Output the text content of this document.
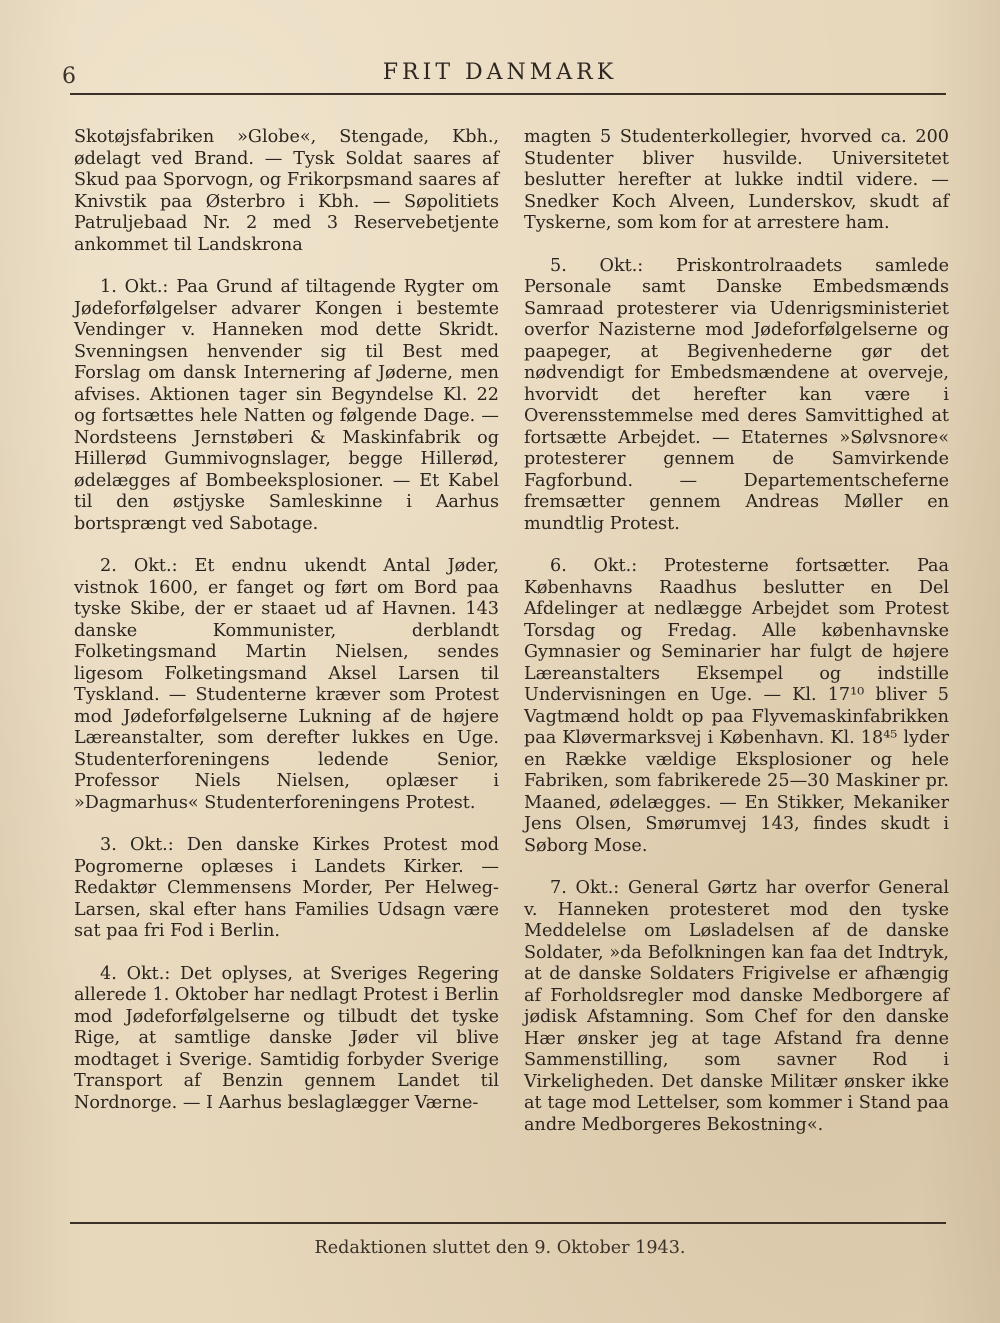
6	FRIT DANMARK

Skotøjsfabriken »Globe«, Stengade, Kbh., ødelagt ved Brand. — Tysk Soldat saares af Skud paa Sporvogn, og Frikorpsmand saares af Knivstik paa Østerbro i Kbh. — Søpolitiets Patruljebaad Nr. 2 med 3 Reservebetjente ankommet til Landskrona

1. Okt.: Paa Grund af tiltagende Rygter om Jødeforfølgelser advarer Kongen i bestemte Vendinger v. Hanneken mod dette Skridt. Svenningsen henvender sig til Best med Forslag om dansk Internering af Jøderne, men afvises. Aktionen tager sin Begyndelse Kl. 22 og fortsættes hele Natten og følgende Dage. — Nordsteens Jernstøberi & Maskinfabrik og Hillerød Gummivognslager, begge Hillerød, ødelægges af Bombeeksplosioner. — Et Kabel til den østjyske Samleskinne i Aarhus bortsprængt ved Sabotage.

2. Okt.: Et endnu ukendt Antal Jøder, vistnok 1600, er fanget og ført om Bord paa tyske Skibe, der er staaet ud af Havnen. 143 danske Kommunister, derblandt Folketingsmand Martin Nielsen, sendes ligesom Folketingsmand Aksel Larsen til Tyskland. — Studenterne kræver som Protest mod Jødeforfølgelserne Lukning af de højere Læreanstalter, som derefter lukkes en Uge. Studenterforeningens ledende Senior, Professor Niels Nielsen, oplæser i »Dagmarhus« Studenterforeningens Protest.

3. Okt.: Den danske Kirkes Protest mod Pogromerne oplæses i Landets Kirker. — Redaktør Clemmensens Morder, Per Helweg-Larsen, skal efter hans Families Udsagn være sat paa fri Fod i Berlin.

4. Okt.: Det oplyses, at Sveriges Regering allerede 1. Oktober har nedlagt Protest i Berlin mod Jødeforfølgelserne og tilbudt det tyske Rige, at samtlige danske Jøder vil blive modtaget i Sverige. Samtidig forbyder Sverige Transport af Benzin gennem Landet til Nordnorge. — I Aarhus beslaglægger Værne-

magten 5 Studenterkollegier, hvorved ca. 200 Studenter bliver husvilde. Universitetet beslutter herefter at lukke indtil videre. — Snedker Koch Alveen, Lunderskov, skudt af Tyskerne, som kom for at arrestere ham.

5. Okt.: Priskontrolraadets samlede Personale samt Danske Embedsmænds Samraad protesterer via Udenrigsministeriet overfor Nazisterne mod Jødeforfølgelserne og paapeger, at Begivenhederne gør det nødvendigt for Embedsmændene at overveje, hvorvidt det herefter kan være i Overensstemmelse med deres Samvittighed at fortsætte Arbejdet. — Etaternes »Sølvsnore« protesterer gennem de Samvirkende Fagforbund. — Departementscheferne fremsætter gennem Andreas Møller en mundtlig Protest.

6. Okt.: Protesterne fortsætter. Paa Københavns Raadhus beslutter en Del Afdelinger at nedlægge Arbejdet som Protest Torsdag og Fredag. Alle københavnske Gymnasier og Seminarier har fulgt de højere Læreanstalters Eksempel og indstille Undervisningen en Uge. — Kl. 17¹⁰ bliver 5 Vagtmænd holdt op paa Flyvemaskinfabrikken paa Kløvermarksvej i København. Kl. 18⁴⁵ lyder en Række vældige Eksplosioner og hele Fabriken, som fabrikerede 25—30 Maskiner pr. Maaned, ødelægges. — En Stikker, Mekaniker Jens Olsen, Smørumvej 143, findes skudt i Søborg Mose.

7. Okt.: General Gørtz har overfor General v. Hanneken protesteret mod den tyske Meddelelse om Løsladelsen af de danske Soldater, »da Befolkningen kan faa det Indtryk, at de danske Soldaters Frigivelse er afhængig af Forholdsregler mod danske Medborgere af jødisk Afstamning. Som Chef for den danske Hær ønsker jeg at tage Afstand fra denne Sammenstilling, som savner Rod i Virkeligheden. Det danske Militær ønsker ikke at tage mod Lettelser, som kommer i Stand paa andre Medborgeres Bekostning«.

Redaktionen sluttet den 9. Oktober 1943.
